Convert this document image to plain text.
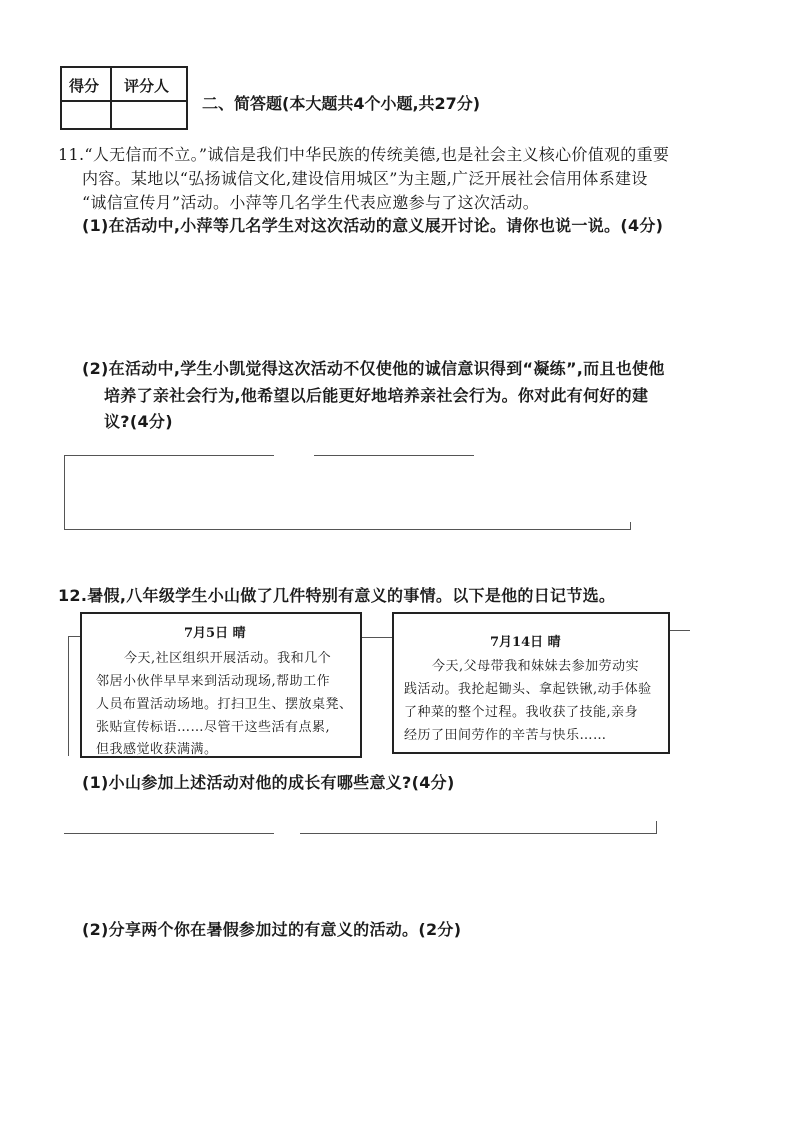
得分 评分人
二、简答题(本大题共4个小题,共27分)
11.“人无信而不立。”诚信是我们中华民族的传统美德,也是社会主义核心价值观的重要
内容。某地以“弘扬诚信文化,建设信用城区”为主题,广泛开展社会信用体系建设
“诚信宣传月”活动。小萍等几名学生代表应邀参与了这次活动。
(1)在活动中,小萍等几名学生对这次活动的意义展开讨论。请你也说一说。(4分)
(2)在活动中,学生小凯觉得这次活动不仅使他的诚信意识得到“凝练”,而且也使他
培养了亲社会行为,他希望以后能更好地培养亲社会行为。你对此有何好的建
议?(4分)
12.暑假,八年级学生小山做了几件特别有意义的事情。以下是他的日记节选。
7月5日 晴
今天,社区组织开展活动。我和几个
邻居小伙伴早早来到活动现场,帮助工作
人员布置活动场地。打扫卫生、摆放桌凳、
张贴宣传标语……尽管干这些活有点累,
但我感觉收获满满。
7月14日 晴
今天,父母带我和妹妹去参加劳动实
践活动。我抡起锄头、拿起铁锹,动手体验
了种菜的整个过程。我收获了技能,亲身
经历了田间劳作的辛苦与快乐……
(1)小山参加上述活动对他的成长有哪些意义?(4分)
(2)分享两个你在暑假参加过的有意义的活动。(2分)
